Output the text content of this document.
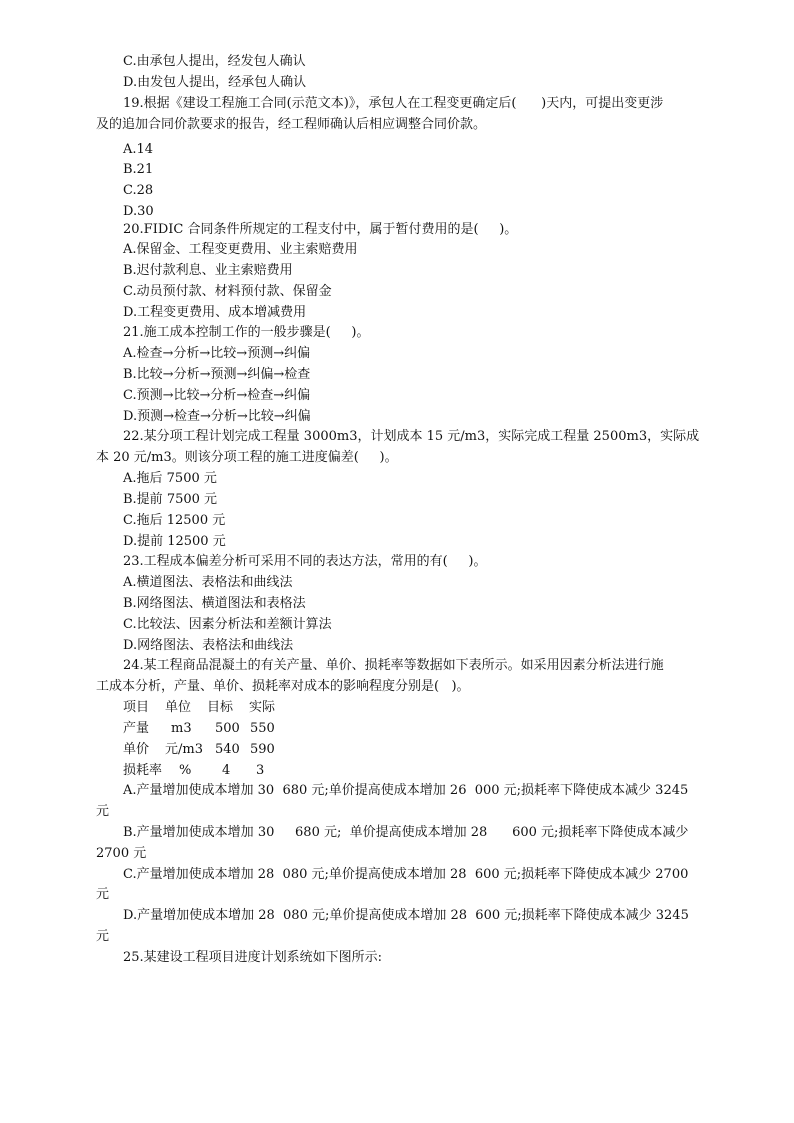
C.由承包人提出，经发包人确认
D.由发包人提出，经承包人确认
19.根据《建设工程施工合同(示范文本)》，承包人在工程变更确定后(      )天内，可提出变更涉
及的追加合同价款要求的报告，经工程师确认后相应调整合同价款。
A.14
B.21
C.28
D.30
20.FIDIC 合同条件所规定的工程支付中，属于暂付费用的是(     )。
A.保留金、工程变更费用、业主索赔费用
B.迟付款利息、业主索赔费用
C.动员预付款、材料预付款、保留金
D.工程变更费用、成本增减费用
21.施工成本控制工作的一般步骤是(     )。
A.检查→分析→比较→预测→纠偏
B.比较→分析→预测→纠偏→检查
C.预测→比较→分析→检查→纠偏
D.预测→检查→分析→比较→纠偏
22.某分项工程计划完成工程量 3000m3，计划成本 15 元/m3，实际完成工程量 2500m3，实际成
本 20 元/m3。则该分项工程的施工进度偏差(     )。
A.拖后 7500 元
B.提前 7500 元
C.拖后 12500 元
D.提前 12500 元
23.工程成本偏差分析可采用不同的表达方法，常用的有(     )。
A.横道图法、表格法和曲线法
B.网络图法、横道图法和表格法
C.比较法、因素分析法和差额计算法
D.网络图法、表格法和曲线法
24.某工程商品混凝土的有关产量、单价、损耗率等数据如下表所示。如采用因素分析法进行施
工成本分析，产量、单价、损耗率对成本的影响程度分别是(   )。
项目 单位 目标 实际
产量 m3 500 550
单价 元/m3 540 590
损耗率 % 4 3
A.产量增加使成本增加 30  680 元;单价提高使成本增加 26  000 元;损耗率下降使成本减少 3245
元
B.产量增加使成本增加 30     680 元;  单价提高使成本增加 28      600 元;损耗率下降使成本减少
2700 元
C.产量增加使成本增加 28  080 元;单价提高使成本增加 28  600 元;损耗率下降使成本减少 2700
元
D.产量增加使成本增加 28  080 元;单价提高使成本增加 28  600 元;损耗率下降使成本减少 3245
元
25.某建设工程项目进度计划系统如下图所示:
